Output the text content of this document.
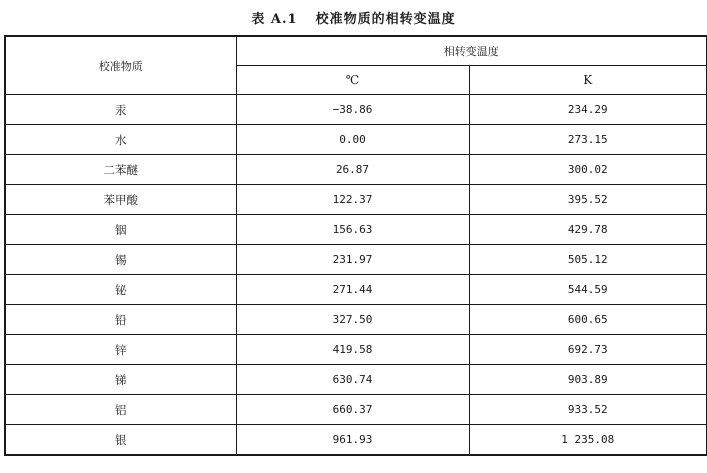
表 A.1 校准物质的相转变温度
校准物质	相转变温度	
	℃	K
汞	−38.86	234.29
水	0.00	273.15
二苯醚	26.87	300.02
苯甲酸	122.37	395.52
铟	156.63	429.78
锡	231.97	505.12
铋	271.44	544.59
铅	327.50	600.65
锌	419.58	692.73
锑	630.74	903.89
铝	660.37	933.52
银	961.93	1 235.08
